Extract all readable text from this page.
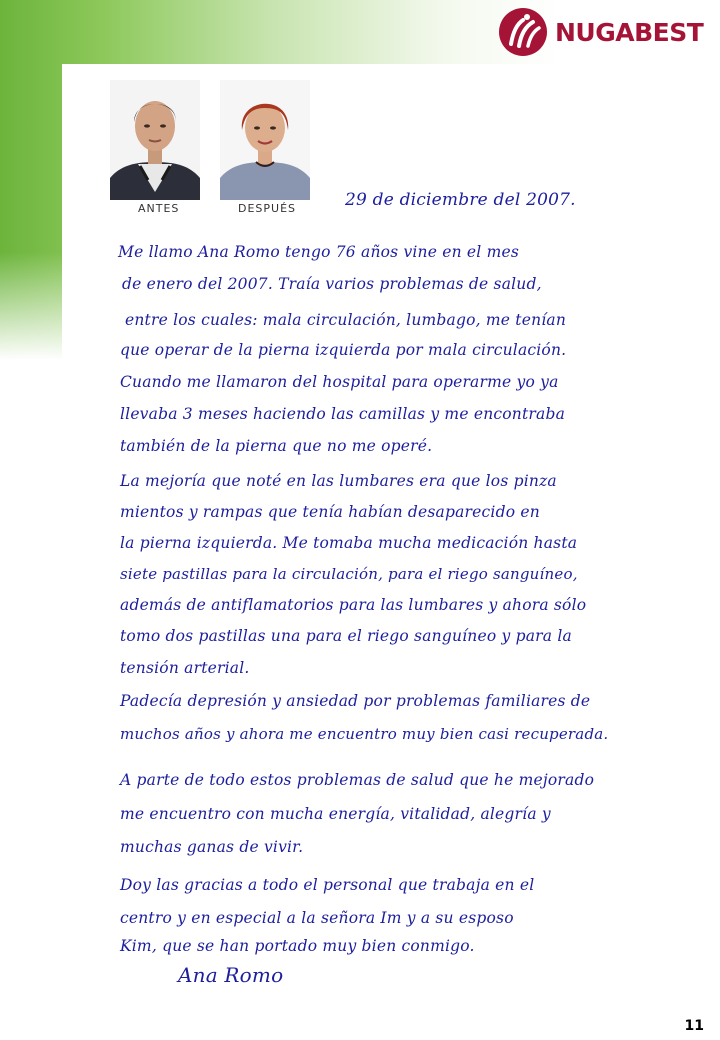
NUGABEST
ANTES	DESPUÉS	29 de diciembre del 2007.
Me llamo Ana Romo tengo 76 años vine en el mes
de enero del 2007. Traía varios problemas de salud,
entre los cuales: mala circulación, lumbago, me tenían
que operar de la pierna izquierda por mala circulación.
Cuando me llamaron del hospital para operarme yo ya
llevaba 3 meses haciendo las camillas y me encontraba
también de la pierna que no me operé.
La mejoría que noté en las lumbares era que los pinza
mientos y rampas que tenía habían desaparecido en
la pierna izquierda. Me tomaba mucha medicación hasta
siete pastillas para la circulación, para el riego sanguíneo,
además de antiflamatorios para las lumbares y ahora sólo
tomo dos pastillas una para el riego sanguíneo y para la
tensión arterial.
Padecía depresión y ansiedad por problemas familiares de
muchos años y ahora me encuentro muy bien casi recuperada.
A parte de todo estos problemas de salud que he mejorado
me encuentro con mucha energía, vitalidad, alegría y
muchas ganas de vivir.
Doy las gracias a todo el personal que trabaja en el
centro y en especial a la señora Im y a su esposo
Kim, que se han portado muy bien conmigo.
Ana Romo
11
